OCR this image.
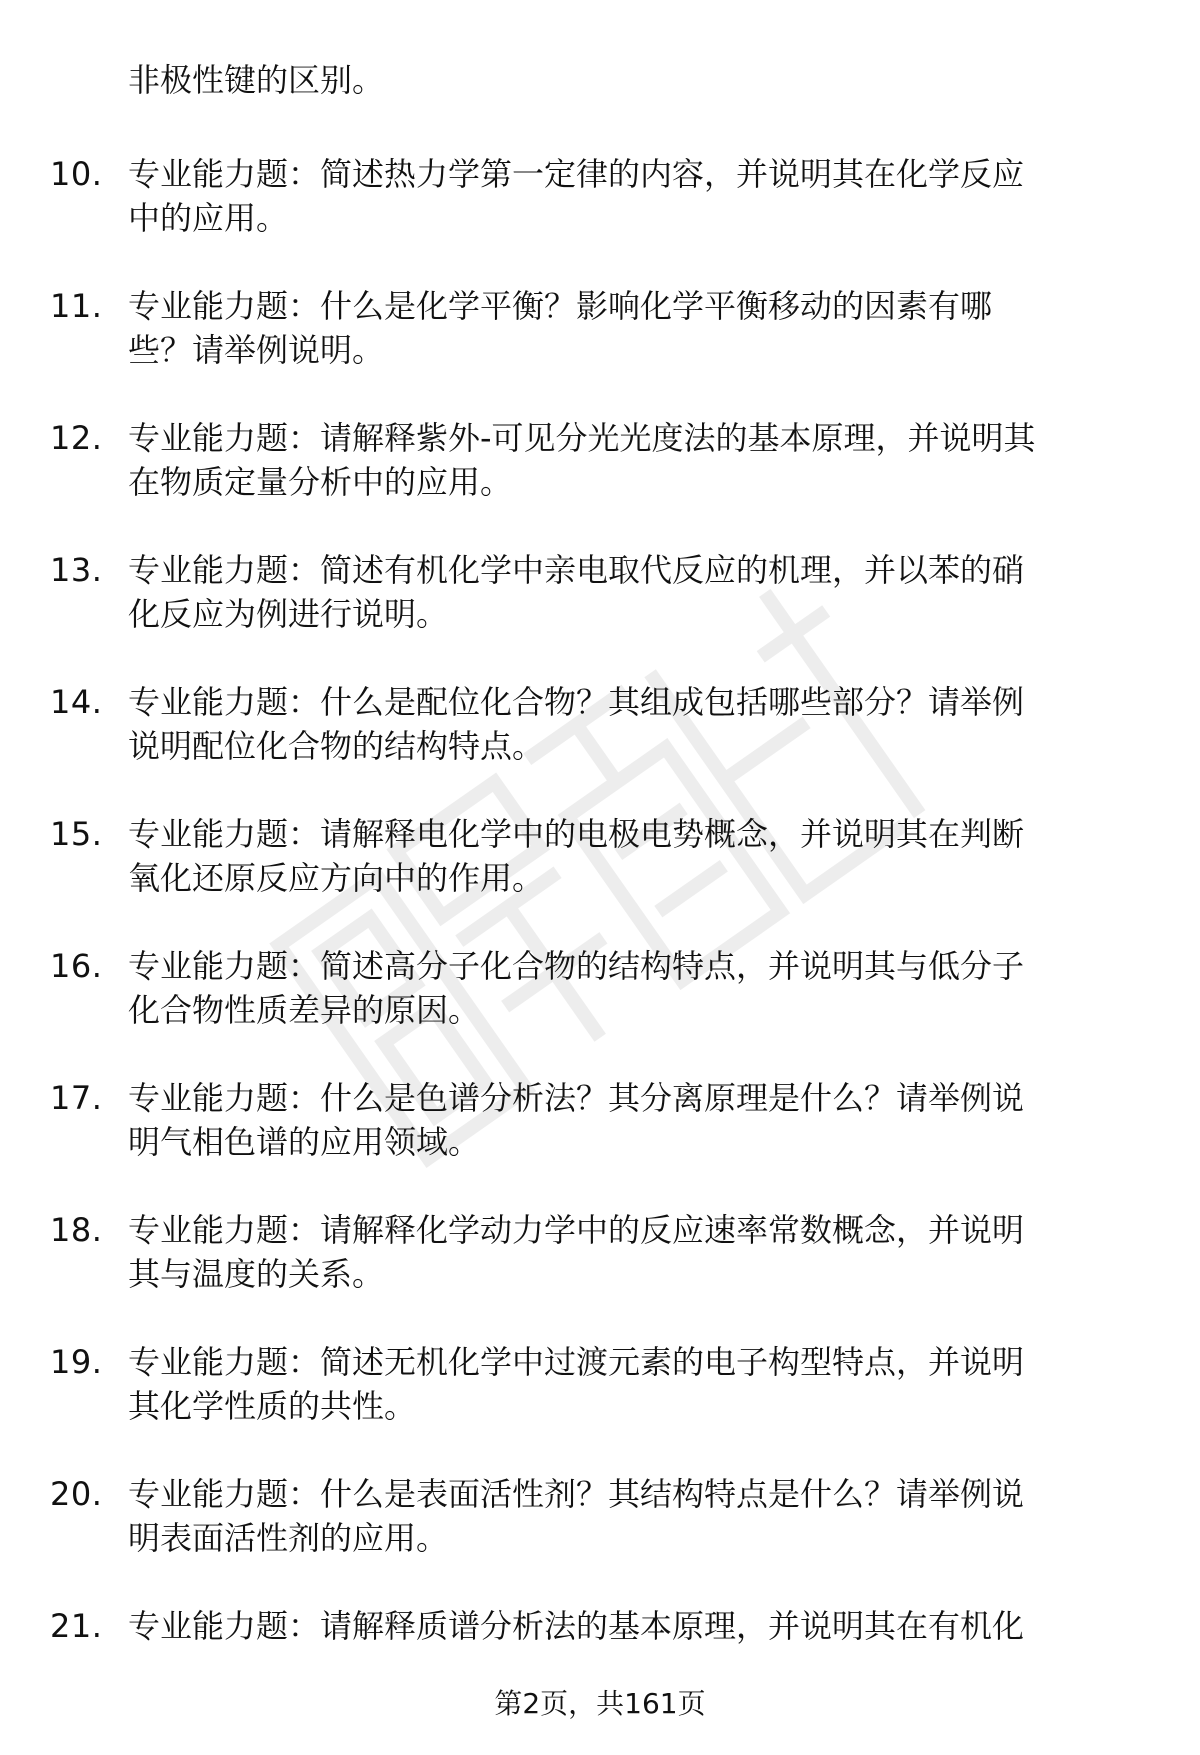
非极性键的区别。
10. 专业能力题：简述热力学第一定律的内容，并说明其在化学反应
中的应用。
11. 专业能力题：什么是化学平衡？影响化学平衡移动的因素有哪
些？请举例说明。
12. 专业能力题：请解释紫外-可见分光光度法的基本原理，并说明其
在物质定量分析中的应用。
13. 专业能力题：简述有机化学中亲电取代反应的机理，并以苯的硝
化反应为例进行说明。
14. 专业能力题：什么是配位化合物？其组成包括哪些部分？请举例
说明配位化合物的结构特点。
15. 专业能力题：请解释电化学中的电极电势概念，并说明其在判断
氧化还原反应方向中的作用。
16. 专业能力题：简述高分子化合物的结构特点，并说明其与低分子
化合物性质差异的原因。
17. 专业能力题：什么是色谱分析法？其分离原理是什么？请举例说
明气相色谱的应用领域。
18. 专业能力题：请解释化学动力学中的反应速率常数概念，并说明
其与温度的关系。
19. 专业能力题：简述无机化学中过渡元素的电子构型特点，并说明
其化学性质的共性。
20. 专业能力题：什么是表面活性剂？其结构特点是什么？请举例说
明表面活性剂的应用。
21. 专业能力题：请解释质谱分析法的基本原理，并说明其在有机化
第2页，共161页
